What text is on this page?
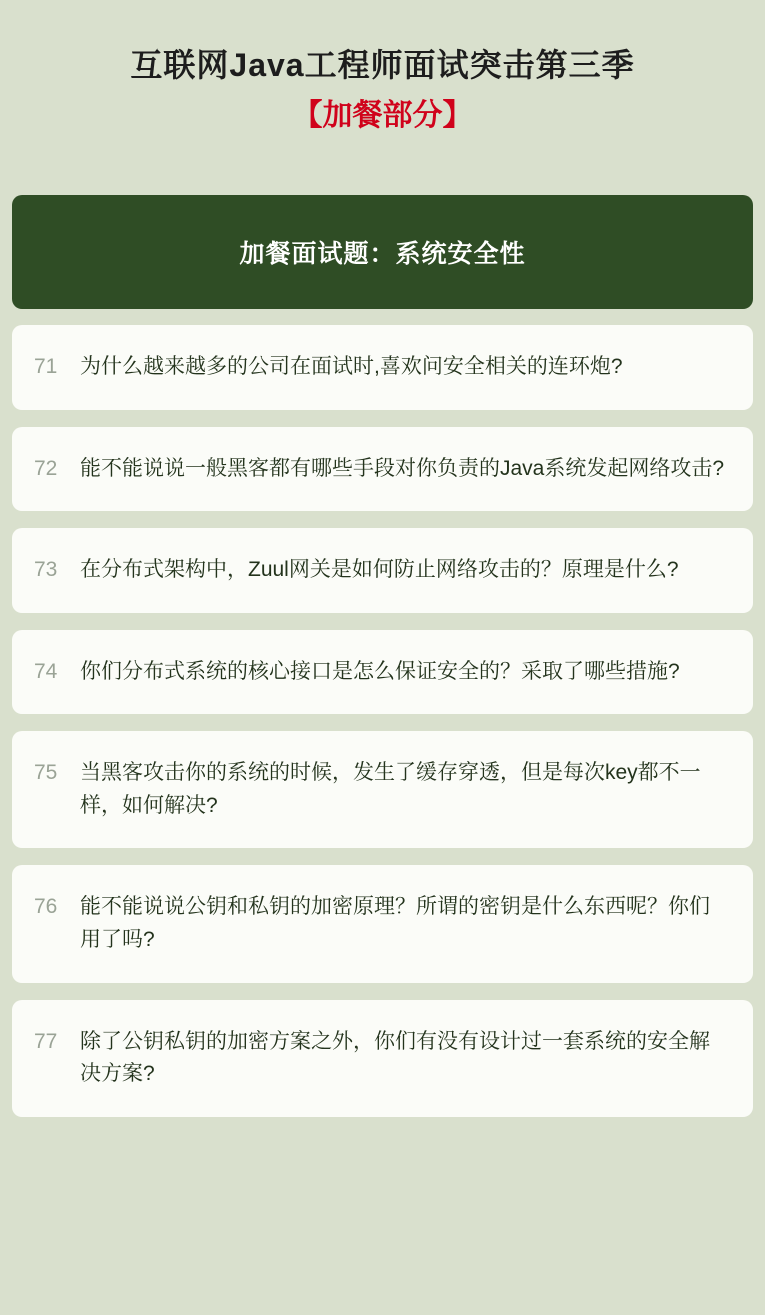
互联网Java工程师面试突击第三季
【加餐部分】
加餐面试题：系统安全性
71	为什么越来越多的公司在面试时,喜欢问安全相关的连环炮?
72	能不能说说一般黑客都有哪些手段对你负责的Java系统发起网络攻击?
73	在分布式架构中，Zuul网关是如何防止网络攻击的？原理是什么?
74	你们分布式系统的核心接口是怎么保证安全的？采取了哪些措施?
75	当黑客攻击你的系统的时候，发生了缓存穿透，但是每次key都不一样，如何解决?
76	能不能说说公钥和私钥的加密原理？所谓的密钥是什么东西呢？你们用了吗?
77	除了公钥私钥的加密方案之外，你们有没有设计过一套系统的安全解决方案?
